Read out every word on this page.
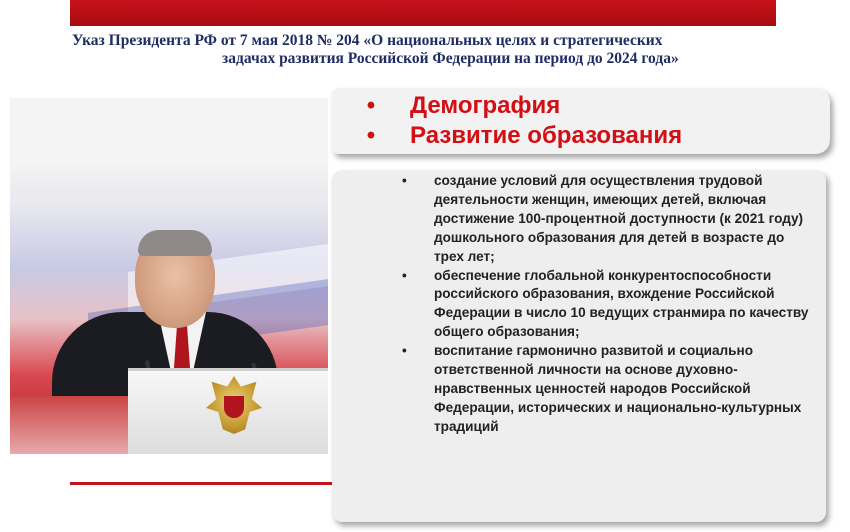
Указ Президента РФ от 7 мая 2018 № 204 «О национальных целях и стратегических
задачах развития Российской Федерации на период до 2024 года»
•	Демография
•	Развитие образования
• создание условий для осуществления трудовой деятельности женщин, имеющих детей, включая достижение 100-процентной доступности (к 2021 году) дошкольного образования для детей в возрасте до трех лет;
• обеспечение глобальной конкурентоспособности российского образования, вхождение Российской Федерации в число 10 ведущих странмира по качеству общего образования;
• воспитание гармонично развитой и социально ответственной личности на основе духовно-нравственных ценностей народов Российской Федерации, исторических и национально-культурных традиций
